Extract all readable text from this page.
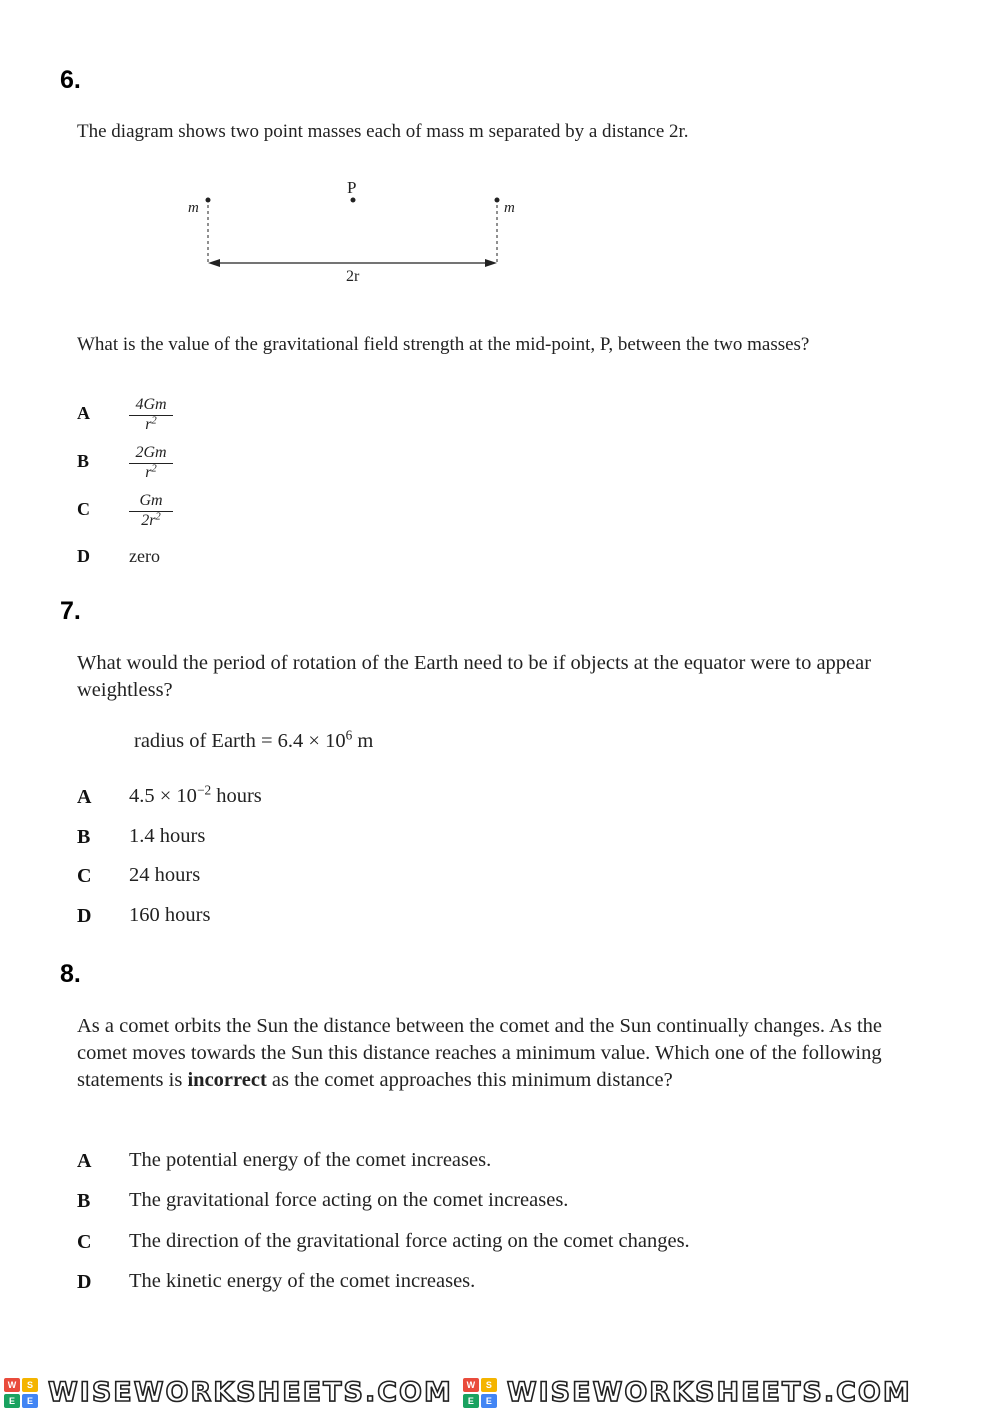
6.
The diagram shows two point masses each of mass m separated by a distance 2r.
m
P
m
2r
What is the value of the gravitational field strength at the mid-point, P, between the two masses?
A $\frac{4Gm}{r^2}$
B $\frac{2Gm}{r^2}$
C $\frac{Gm}{2r^2}$
D zero
7.
What would the period of rotation of the Earth need to be if objects at the equator were to appear weightless?
radius of Earth = $6.4 \times 10^6$ m
A $4.5 \times 10^{-2}$ hours
B 1.4 hours
C 24 hours
D 160 hours
8.
As a comet orbits the Sun the distance between the comet and the Sun continually changes. As the comet moves towards the Sun this distance reaches a minimum value. Which one of the following statements is incorrect as the comet approaches this minimum distance?
A The potential energy of the comet increases.
B The gravitational force acting on the comet increases.
C The direction of the gravitational force acting on the comet changes.
D The kinetic energy of the comet increases.
W	S
E	E WISEWORKSHEETS.COM	W	S
E	E WISEWORKSHEETS.COM
